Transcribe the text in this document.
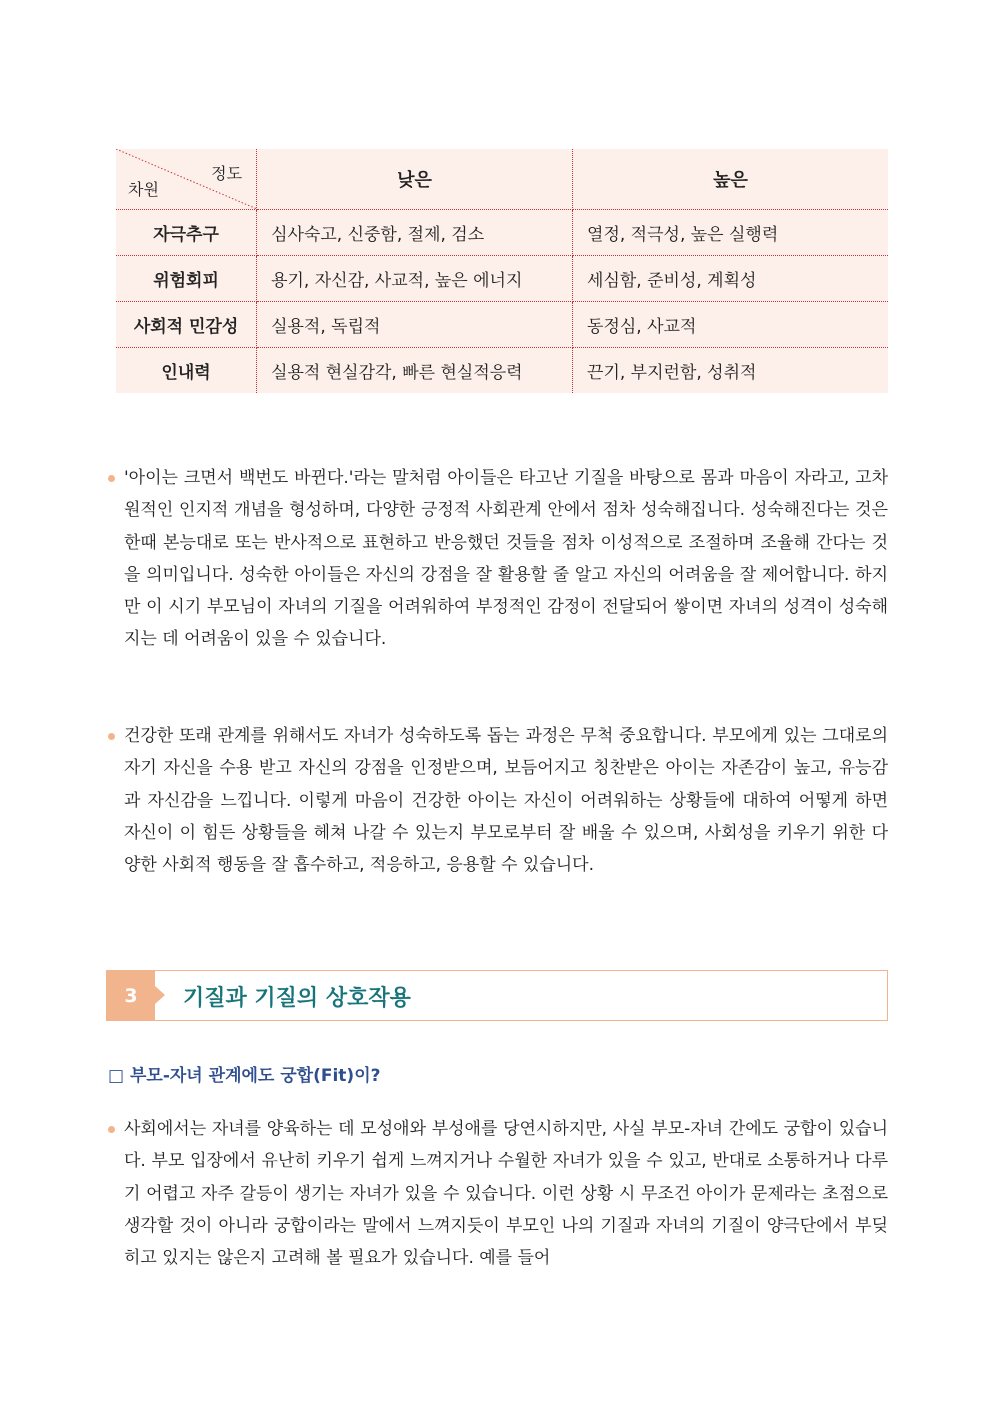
정도
차원	낮은	높은
자극추구	심사숙고, 신중함, 절제, 검소	열정, 적극성, 높은 실행력
위험회피	용기, 자신감, 사교적, 높은 에너지	세심함, 준비성, 계획성
사회적 민감성	실용적, 독립적	동정심, 사교적
인내력	실용적 현실감각, 빠른 현실적응력	끈기, 부지런함, 성취적
'아이는 크면서 백번도 바뀐다.'라는 말처럼 아이들은 타고난 기질을 바탕으로 몸과 마음이 자라고, 고차원적인 인지적 개념을 형성하며, 다양한 긍정적 사회관계 안에서 점차 성숙해집니다. 성숙해진다는 것은 한때 본능대로 또는 반사적으로 표현하고 반응했던 것들을 점차 이성적으로 조절하며 조율해 간다는 것을 의미입니다. 성숙한 아이들은 자신의 강점을 잘 활용할 줄 알고 자신의 어려움을 잘 제어합니다. 하지만 이 시기 부모님이 자녀의 기질을 어려워하여 부정적인 감정이 전달되어 쌓이면 자녀의 성격이 성숙해지는 데 어려움이 있을 수 있습니다.
건강한 또래 관계를 위해서도 자녀가 성숙하도록 돕는 과정은 무척 중요합니다. 부모에게 있는 그대로의 자기 자신을 수용 받고 자신의 강점을 인정받으며, 보듬어지고 칭찬받은 아이는 자존감이 높고, 유능감과 자신감을 느낍니다. 이렇게 마음이 건강한 아이는 자신이 어려워하는 상황들에 대하여 어떻게 하면 자신이 이 힘든 상황들을 헤쳐 나갈 수 있는지 부모로부터 잘 배울 수 있으며, 사회성을 키우기 위한 다양한 사회적 행동을 잘 흡수하고, 적응하고, 응용할 수 있습니다.
3	기질과 기질의 상호작용
□ 부모-자녀 관계에도 궁합(Fit)이?
사회에서는 자녀를 양육하는 데 모성애와 부성애를 당연시하지만, 사실 부모-자녀 간에도 궁합이 있습니다. 부모 입장에서 유난히 키우기 쉽게 느껴지거나 수월한 자녀가 있을 수 있고, 반대로 소통하거나 다루기 어렵고 자주 갈등이 생기는 자녀가 있을 수 있습니다. 이런 상황 시 무조건 아이가 문제라는 초점으로 생각할 것이 아니라 궁합이라는 말에서 느껴지듯이 부모인 나의 기질과 자녀의 기질이 양극단에서 부딪히고 있지는 않은지 고려해 볼 필요가 있습니다. 예를 들어
